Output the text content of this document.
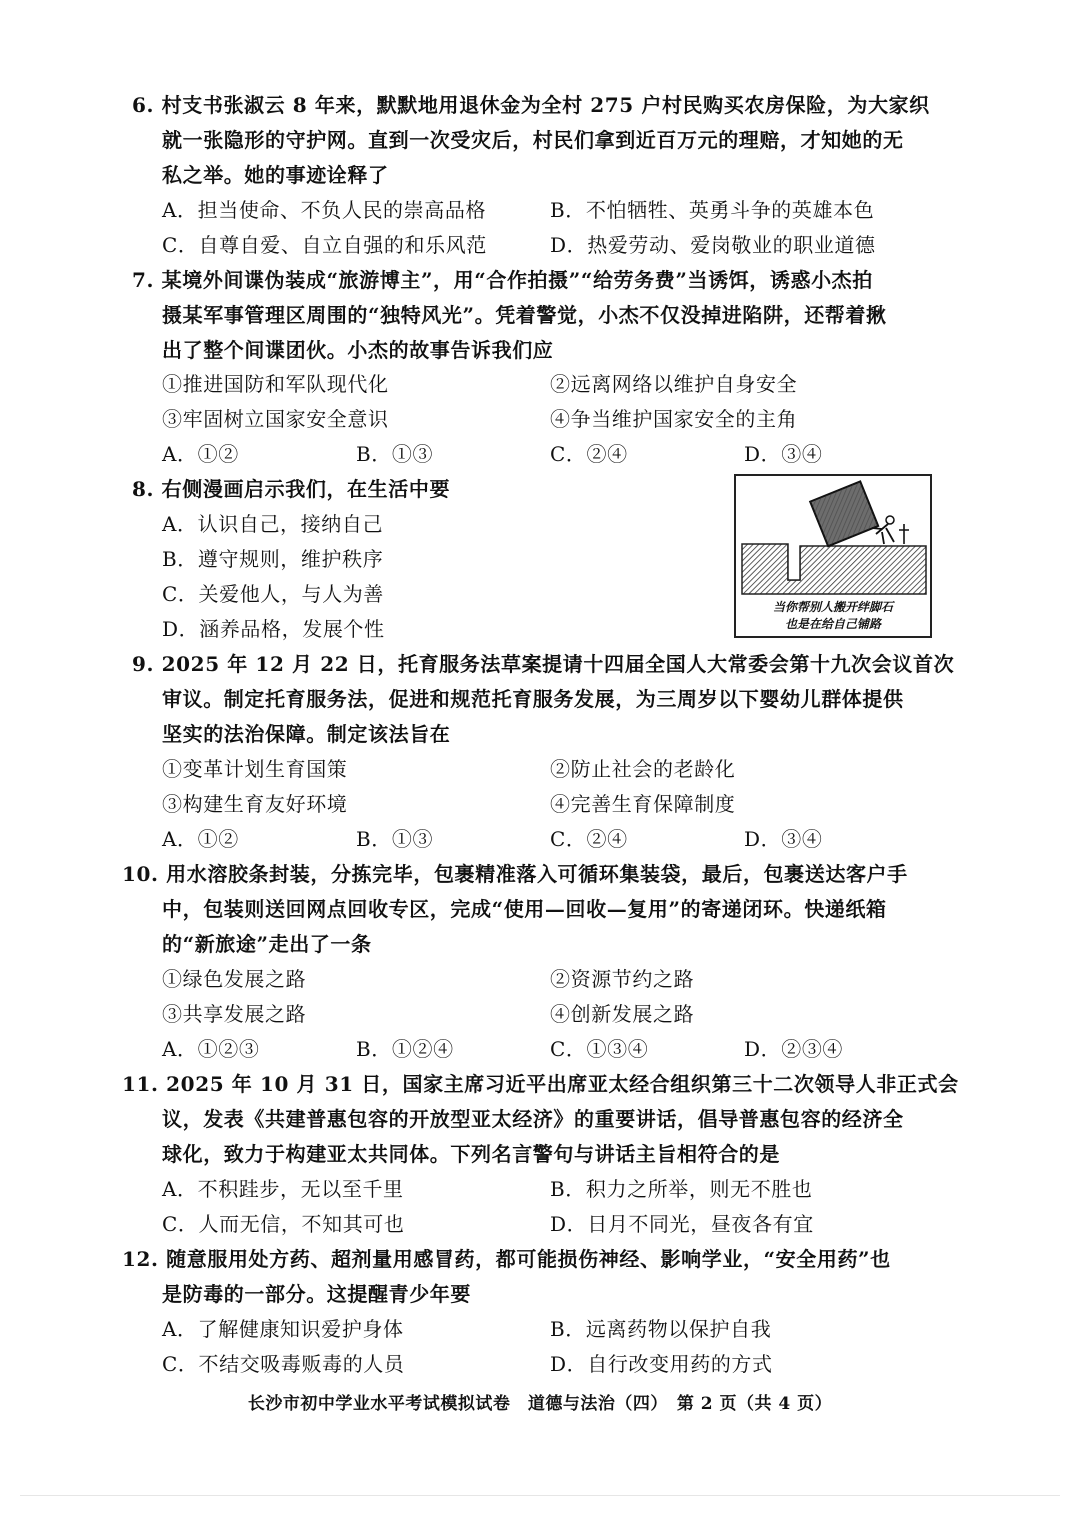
6. 村支书张淑云 8 年来，默默地用退休金为全村 275 户村民购买农房保险，为大家织
就一张隐形的守护网。直到一次受灾后，村民们拿到近百万元的理赔，才知她的无
私之举。她的事迹诠释了
A．担当使命、不负人民的崇高品格	B．不怕牺牲、英勇斗争的英雄本色
C．自尊自爱、自立自强的和乐风范	D．热爱劳动、爱岗敬业的职业道德
7. 某境外间谍伪装成“旅游博主”，用“合作拍摄”“给劳务费”当诱饵，诱惑小杰拍
摄某军事管理区周围的“独特风光”。凭着警觉，小杰不仅没掉进陷阱，还帮着揪
出了整个间谍团伙。小杰的故事告诉我们应
①推进国防和军队现代化	②远离网络以维护自身安全
③牢固树立国家安全意识	④争当维护国家安全的主角
A．①②	B．①③	C．②④	D．③④
8. 右侧漫画启示我们，在生活中要
A．认识自己，接纳自己
B．遵守规则，维护秩序
C．关爱他人，与人为善
D．涵养品格，发展个性
当你帮别人搬开绊脚石
也是在给自己铺路
9. 2025 年 12 月 22 日，托育服务法草案提请十四届全国人大常委会第十九次会议首次
审议。制定托育服务法，促进和规范托育服务发展，为三周岁以下婴幼儿群体提供
坚实的法治保障。制定该法旨在
①变革计划生育国策	②防止社会的老龄化
③构建生育友好环境	④完善生育保障制度
A．①②	B．①③	C．②④	D．③④
10. 用水溶胶条封装，分拣完毕，包裹精准落入可循环集装袋，最后，包裹送达客户手
中，包装则送回网点回收专区，完成“使用—回收—复用”的寄递闭环。快递纸箱
的“新旅途”走出了一条
①绿色发展之路	②资源节约之路
③共享发展之路	④创新发展之路
A．①②③	B．①②④	C．①③④	D．②③④
11. 2025 年 10 月 31 日，国家主席习近平出席亚太经合组织第三十二次领导人非正式会
议，发表《共建普惠包容的开放型亚太经济》的重要讲话，倡导普惠包容的经济全
球化，致力于构建亚太共同体。下列名言警句与讲话主旨相符合的是
A．不积跬步，无以至千里	B．积力之所举，则无不胜也
C．人而无信，不知其可也	D．日月不同光，昼夜各有宜
12. 随意服用处方药、超剂量用感冒药，都可能损伤神经、影响学业，“安全用药”也
是防毒的一部分。这提醒青少年要
A．了解健康知识爱护身体	B．远离药物以保护自我
C．不结交吸毒贩毒的人员	D．自行改变用药的方式
长沙市初中学业水平考试模拟试卷　道德与法治（四）　第 2 页（共 4 页）
